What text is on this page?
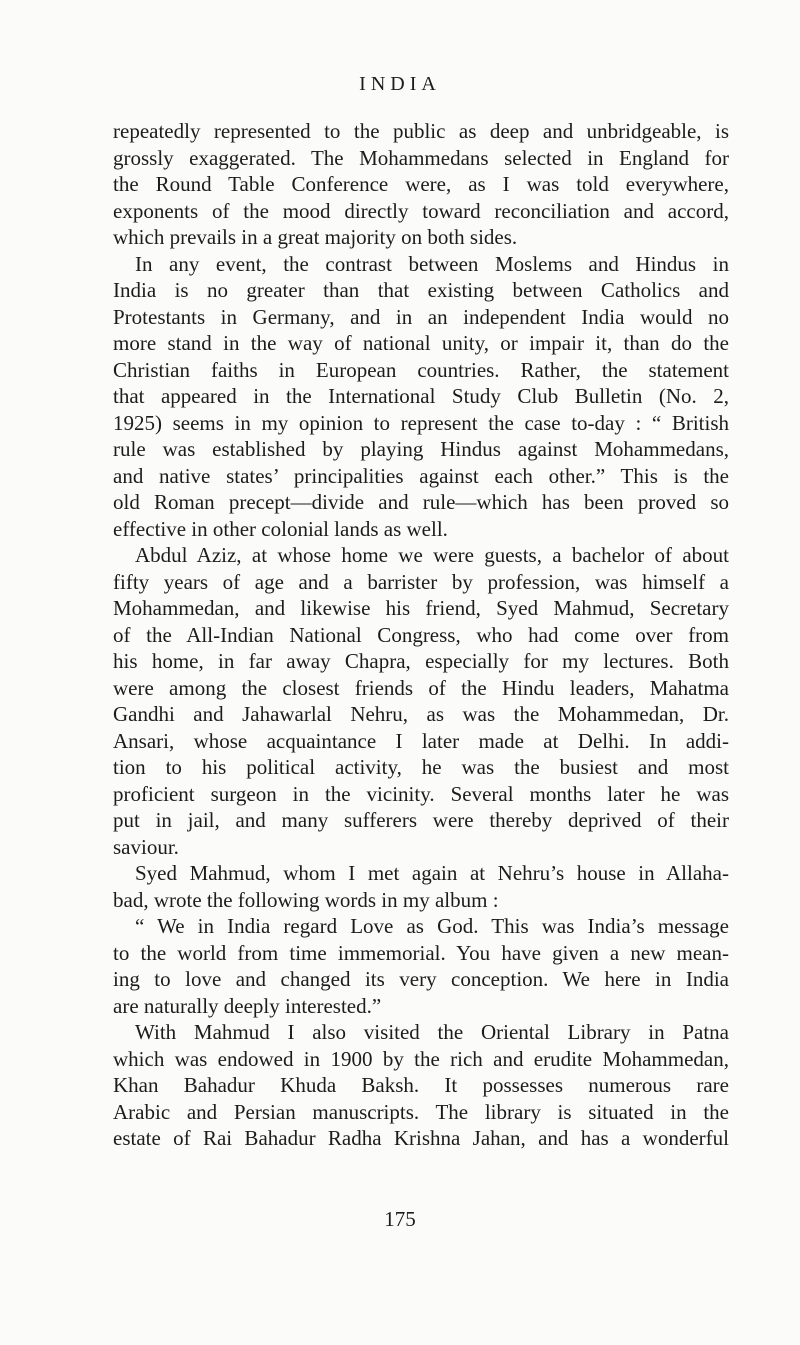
INDIA
repeatedly represented to the public as deep and unbridgeable, is
grossly exaggerated. The Mohammedans selected in England for
the Round Table Conference were, as I was told everywhere,
exponents of the mood directly toward reconciliation and accord,
which prevails in a great majority on both sides.
In any event, the contrast between Moslems and Hindus in
India is no greater than that existing between Catholics and
Protestants in Germany, and in an independent India would no
more stand in the way of national unity, or impair it, than do the
Christian faiths in European countries. Rather, the statement
that appeared in the International Study Club Bulletin (No. 2,
1925) seems in my opinion to represent the case to-day : “ British
rule was established by playing Hindus against Mohammedans,
and native states’ principalities against each other.” This is the
old Roman precept—divide and rule—which has been proved so
effective in other colonial lands as well.
Abdul Aziz, at whose home we were guests, a bachelor of about
fifty years of age and a barrister by profession, was himself a
Mohammedan, and likewise his friend, Syed Mahmud, Secretary
of the All-Indian National Congress, who had come over from
his home, in far away Chapra, especially for my lectures. Both
were among the closest friends of the Hindu leaders, Mahatma
Gandhi and Jahawarlal Nehru, as was the Mohammedan, Dr.
Ansari, whose acquaintance I later made at Delhi. In addi-
tion to his political activity, he was the busiest and most
proficient surgeon in the vicinity. Several months later he was
put in jail, and many sufferers were thereby deprived of their
saviour.
Syed Mahmud, whom I met again at Nehru’s house in Allaha-
bad, wrote the following words in my album :
“ We in India regard Love as God. This was India’s message
to the world from time immemorial. You have given a new mean-
ing to love and changed its very conception. We here in India
are naturally deeply interested.”
With Mahmud I also visited the Oriental Library in Patna
which was endowed in 1900 by the rich and erudite Mohammedan,
Khan Bahadur Khuda Baksh. It possesses numerous rare
Arabic and Persian manuscripts. The library is situated in the
estate of Rai Bahadur Radha Krishna Jahan, and has a wonderful
175
